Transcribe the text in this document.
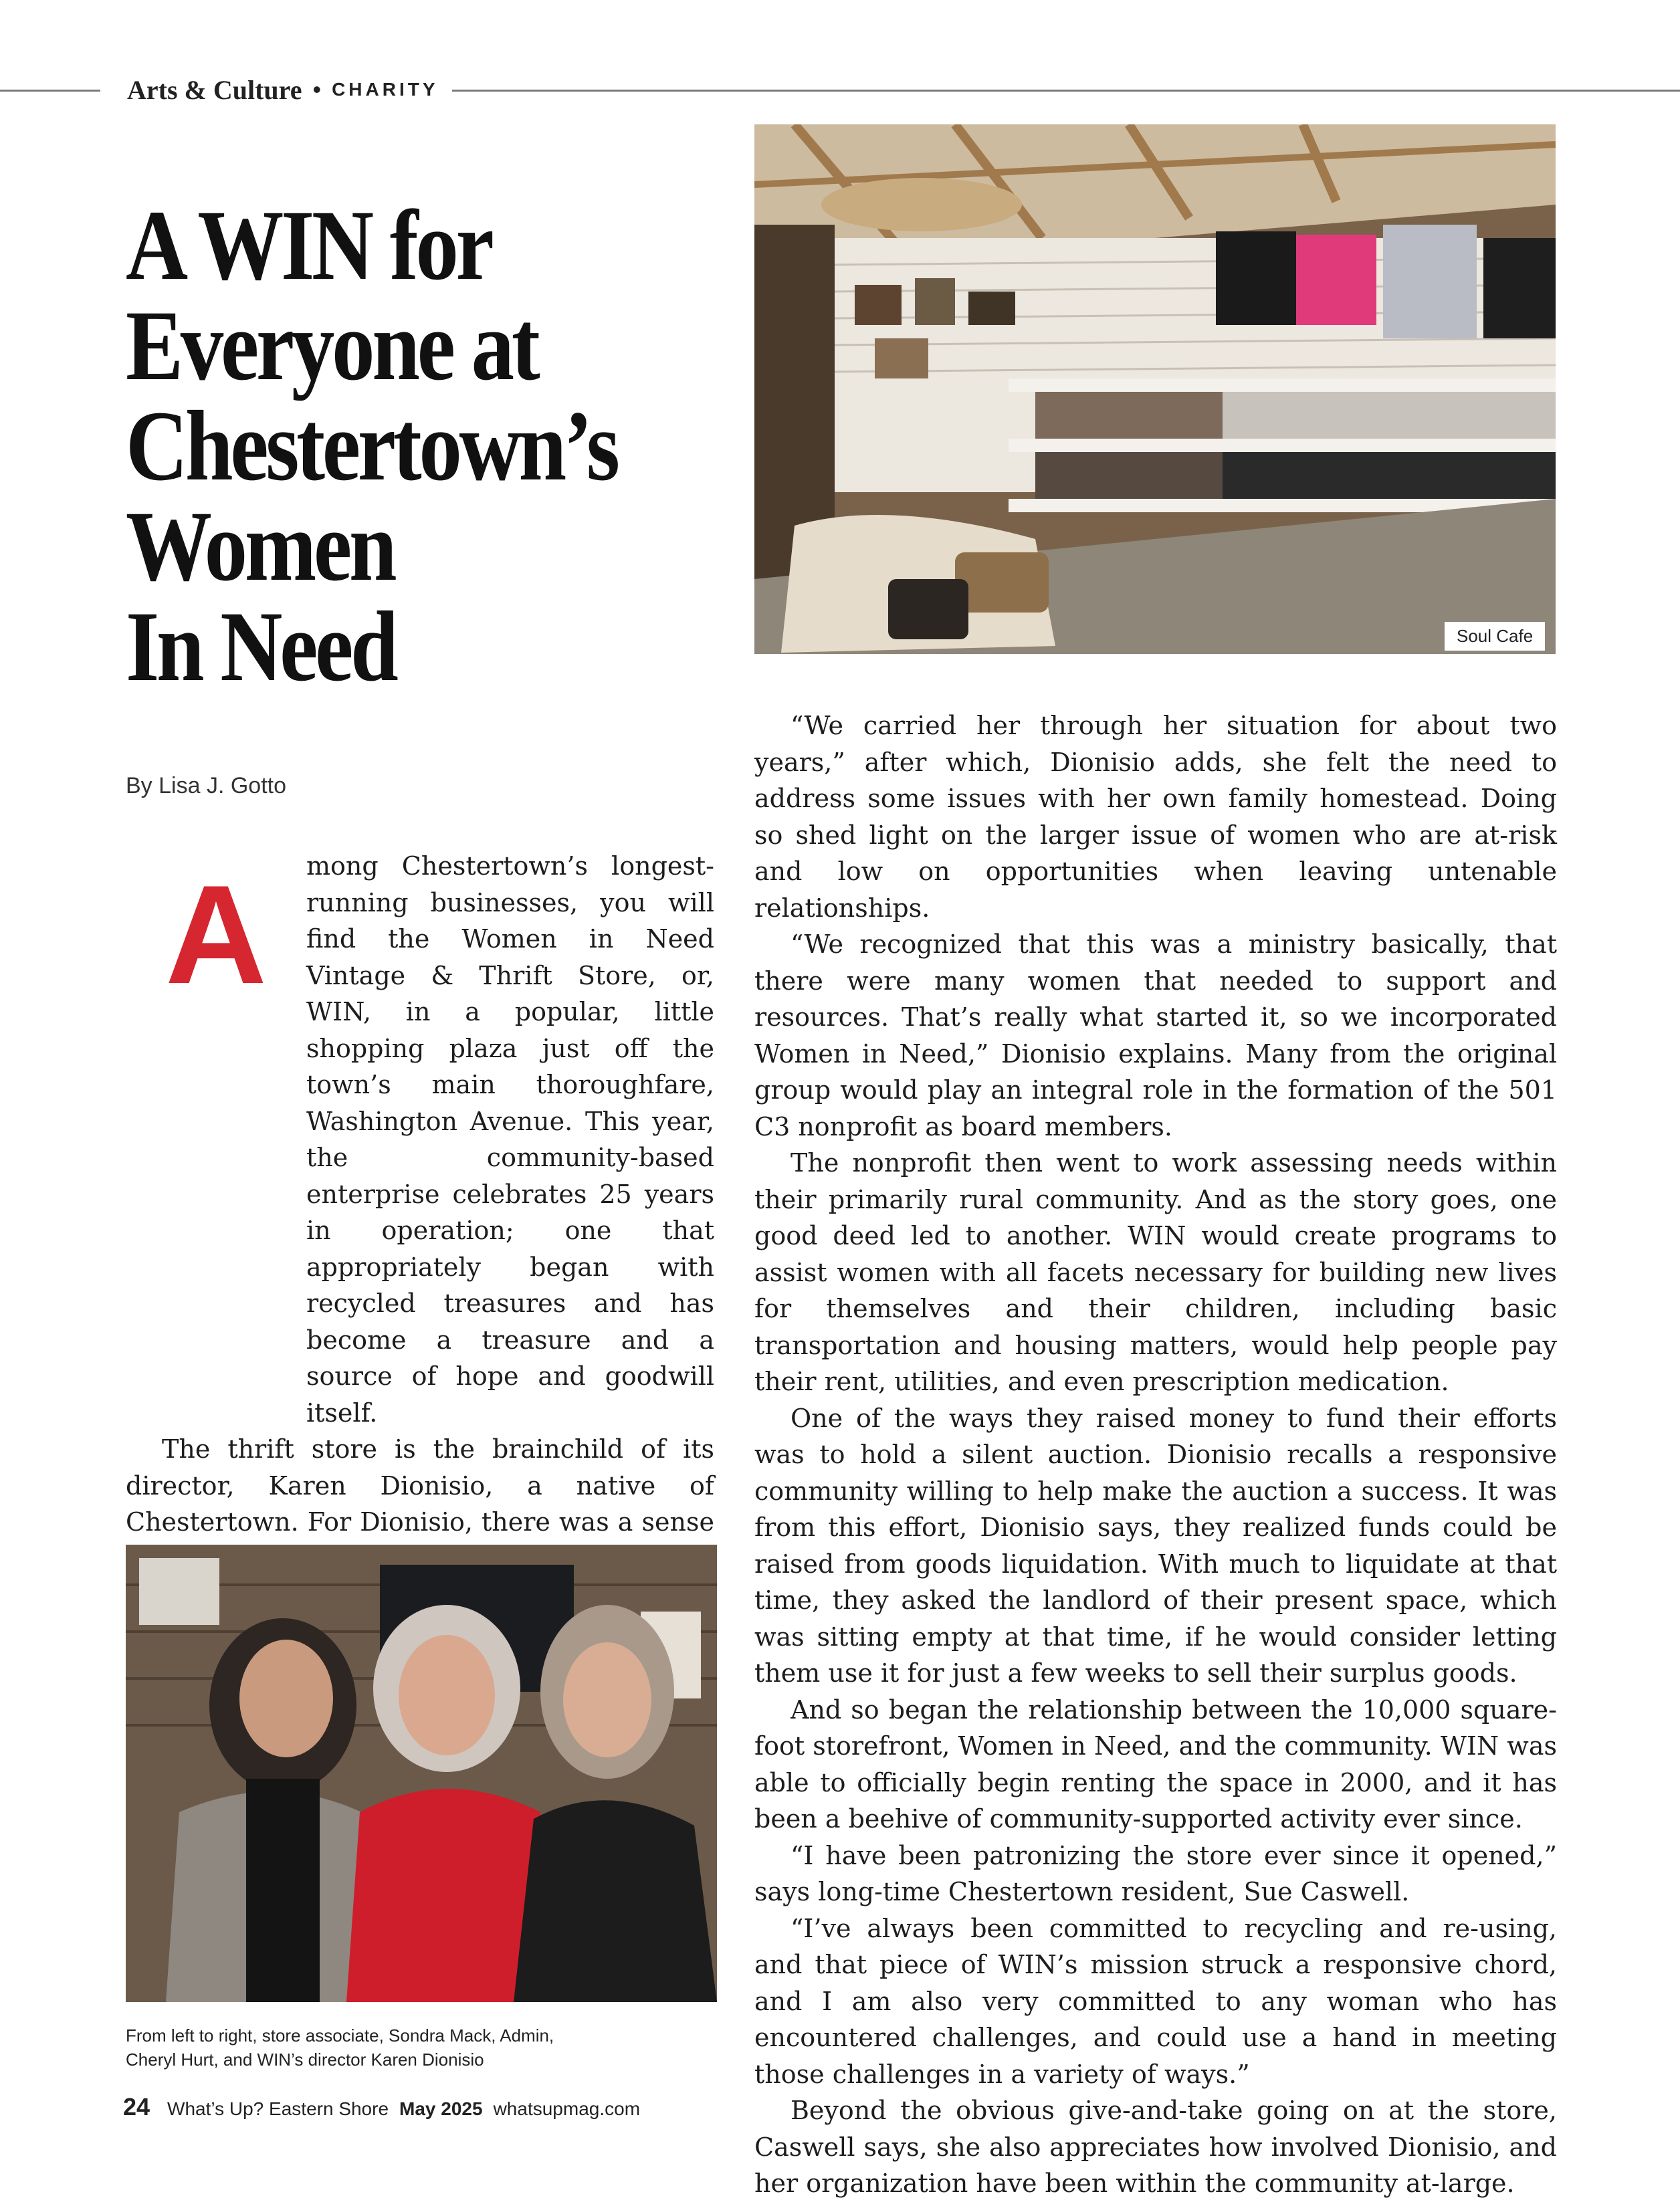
Arts & Culture • CHARITY
A WIN for
Everyone at
Chestertown’s
Women
In Need
By Lisa J. Gotto
Soul Cafe
A	mong Chestertown’s longest-running businesses, you will find the Women in Need Vintage & Thrift Store, or, WIN, in a popular, little shopping plaza just off the town’s main thoroughfare, Washington Avenue. This year, the community-based enterprise celebrates 25 years in operation; one that appropriately began with recycled treasures and has become a treasure and a source of hope and goodwill itself.

The thrift store is the brainchild of its director, Karen Dionisio, a native of Chestertown. For Dionisio, there was a sense

“We carried her through her situation for about two years,” after which, Dionisio adds, she felt the need to address some issues with her own family homestead. Doing so shed light on the larger issue of women who are at-risk and low on opportunities when leaving untenable relationships.

“We recognized that this was a ministry basically, that there were many women that needed to support and resources. That’s really what started it, so we incorporated Women in Need,” Dionisio explains. Many from the original group would play an integral role in the formation of the 501 C3 nonprofit as board members.

The nonprofit then went to work assessing needs within their primarily rural community. And as the story goes, one good deed led to another. WIN would create programs to assist women with all facets necessary for building new lives for themselves and their children, including basic transportation and housing matters, would help people pay their rent, utilities, and even prescription medication.

One of the ways they raised money to fund their efforts was to hold a silent auction. Dionisio recalls a responsive community willing to help make the auction a success. It was from this effort, Dionisio says, they realized funds could be raised from goods liquidation. With much to liquidate at that time, they asked the landlord of their present space, which was sitting empty at that time, if he would consider letting them use it for just a few weeks to sell their surplus goods.

And so began the relationship between the 10,000 square-foot storefront, Women in Need, and the community. WIN was able to officially begin renting the space in 2000, and it has been a beehive of community-supported activity ever since.

“I have been patronizing the store ever since it opened,” says long-time Chestertown resident, Sue Caswell.

“I’ve always been committed to recycling and re-using, and that piece of WIN’s mission struck a responsive chord, and I am also very committed to any woman who has encountered challenges, and could use a hand in meeting those challenges in a variety of ways.”

Beyond the obvious give-and-take going on at the store, Caswell says, she also appreciates how involved Dionisio, and her organization have been within the community at-large.

From left to right, store associate, Sondra Mack, Admin,
Cheryl Hurt, and WIN’s director Karen Dionisio
24 What’s Up? Eastern Shore May 2025 whatsupmag.com
